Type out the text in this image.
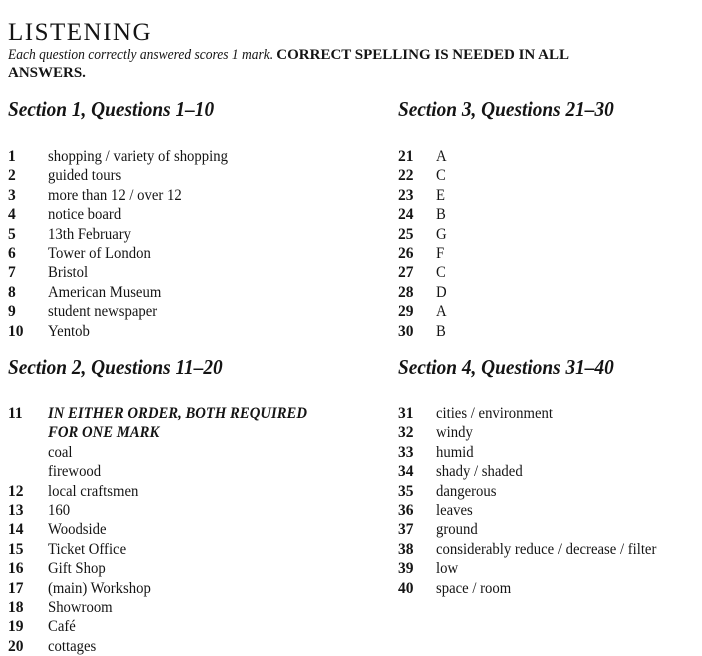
LISTENING
Each question correctly answered scores 1 mark. CORRECT SPELLING IS NEEDED IN ALL
ANSWERS.
Section 1, Questions 1–10
1	shopping / variety of shopping
2	guided tours
3	more than 12 / over 12
4	notice board
5	13th February
6	Tower of London
7	Bristol
8	American Museum
9	student newspaper
10	Yentob
Section 3, Questions 21–30
21	A
22	C
23	E
24	B
25	G
26	F
27	C
28	D
29	A
30	B
Section 2, Questions 11–20
11	IN EITHER ORDER, BOTH REQUIRED
FOR ONE MARK
coal
firewood
12	local craftsmen
13	160
14	Woodside
15	Ticket Office
16	Gift Shop
17	(main) Workshop
18	Showroom
19	Café
20	cottages
Section 4, Questions 31–40
31	cities / environment
32	windy
33	humid
34	shady / shaded
35	dangerous
36	leaves
37	ground
38	considerably reduce / decrease / filter
39	low
40	space / room
